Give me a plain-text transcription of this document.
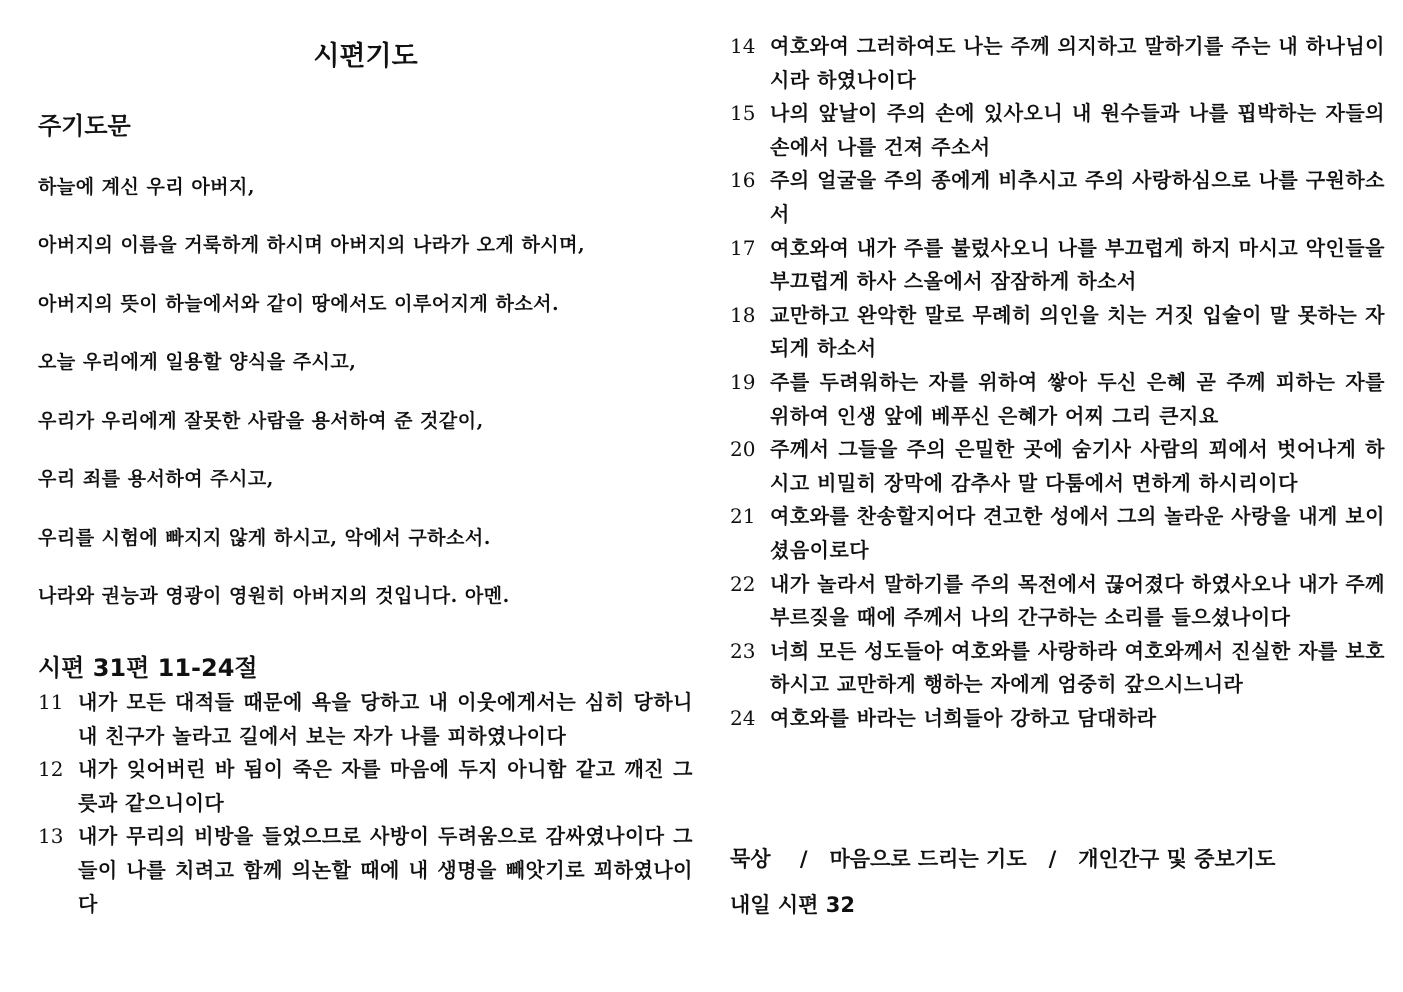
시편기도
주기도문

하늘에 계신 우리 아버지,

아버지의 이름을 거룩하게 하시며 아버지의 나라가 오게 하시며,

아버지의 뜻이 하늘에서와 같이 땅에서도 이루어지게 하소서.

오늘 우리에게 일용할 양식을 주시고,

우리가 우리에게 잘못한 사람을 용서하여 준 것같이,

우리 죄를 용서하여 주시고,

우리를 시험에 빠지지 않게 하시고, 악에서 구하소서.

나라와 권능과 영광이 영원히 아버지의 것입니다. 아멘.

시편 31편 11-24절
11 내가 모든 대적들 때문에 욕을 당하고 내 이웃에게서는 심히 당하니 내 친구가 놀라고 길에서 보는 자가 나를 피하였나이다
12 내가 잊어버린 바 됨이 죽은 자를 마음에 두지 아니함 같고 깨진 그릇과 같으니이다
13 내가 무리의 비방을 들었으므로 사방이 두려움으로 감싸였나이다 그들이 나를 치려고 함께 의논할 때에 내 생명을 빼앗기로 꾀하였나이다
14 여호와여 그러하여도 나는 주께 의지하고 말하기를 주는 내 하나님이시라 하였나이다
15 나의 앞날이 주의 손에 있사오니 내 원수들과 나를 핍박하는 자들의 손에서 나를 건져 주소서
16 주의 얼굴을 주의 종에게 비추시고 주의 사랑하심으로 나를 구원하소서
17 여호와여 내가 주를 불렀사오니 나를 부끄럽게 하지 마시고 악인들을 부끄럽게 하사 스올에서 잠잠하게 하소서
18 교만하고 완악한 말로 무례히 의인을 치는 거짓 입술이 말 못하는 자 되게 하소서
19 주를 두려워하는 자를 위하여 쌓아 두신 은혜 곧 주께 피하는 자를 위하여 인생 앞에 베푸신 은혜가 어찌 그리 큰지요
20 주께서 그들을 주의 은밀한 곳에 숨기사 사람의 꾀에서 벗어나게 하시고 비밀히 장막에 감추사 말 다툼에서 면하게 하시리이다
21 여호와를 찬송할지어다 견고한 성에서 그의 놀라운 사랑을 내게 보이셨음이로다
22 내가 놀라서 말하기를 주의 목전에서 끊어졌다 하였사오나 내가 주께 부르짖을 때에 주께서 나의 간구하는 소리를 들으셨나이다
23 너희 모든 성도들아 여호와를 사랑하라 여호와께서 진실한 자를 보호하시고 교만하게 행하는 자에게 엄중히 갚으시느니라
24 여호와를 바라는 너희들아 강하고 담대하라
묵상 / 마음으로 드리는 기도 / 개인간구 및 중보기도
내일 시편 32
